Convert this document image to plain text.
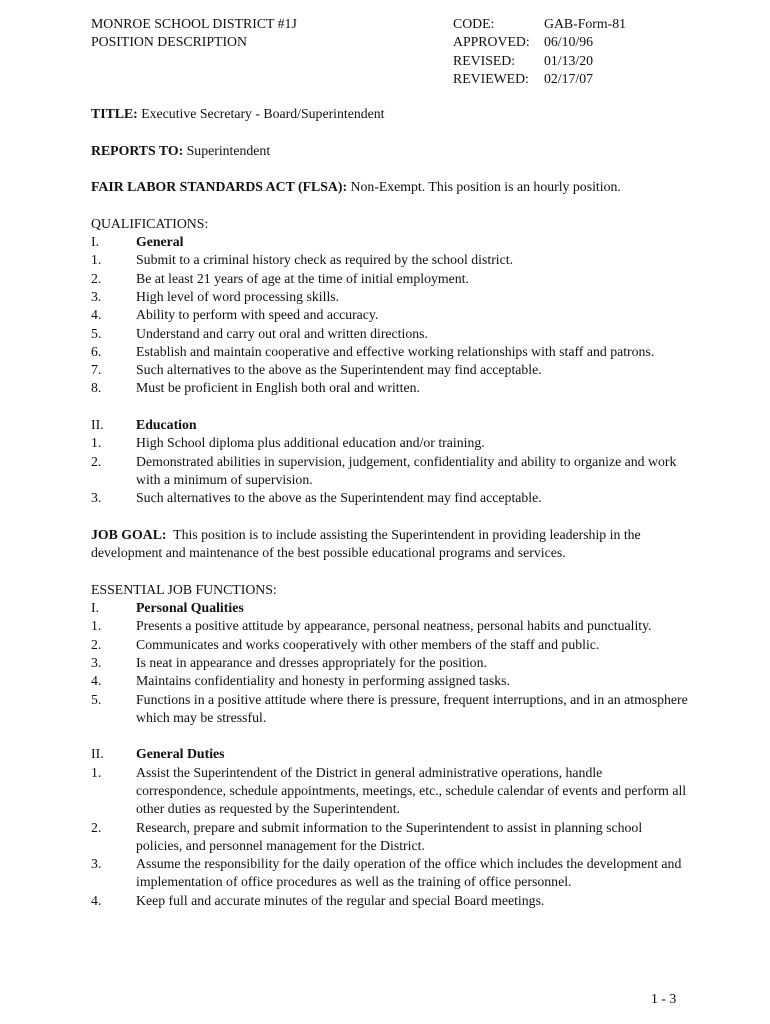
MONROE SCHOOL DISTRICT #1J
POSITION DESCRIPTION
CODE:	GAB-Form-81
APPROVED: 06/10/96
REVISED: 01/13/20
REVIEWED: 02/17/07
TITLE: Executive Secretary - Board/Superintendent
REPORTS TO: Superintendent
FAIR LABOR STANDARDS ACT (FLSA): Non-Exempt. This position is an hourly position.
QUALIFICATIONS:
I.	General
1.	Submit to a criminal history check as required by the school district.
2.	Be at least 21 years of age at the time of initial employment.
3.	High level of word processing skills.
4.	Ability to perform with speed and accuracy.
5.	Understand and carry out oral and written directions.
6.	Establish and maintain cooperative and effective working relationships with staff and patrons.
7.	Such alternatives to the above as the Superintendent may find acceptable.
8.	Must be proficient in English both oral and written.
II.	Education
1.	High School diploma plus additional education and/or training.
2.	Demonstrated abilities in supervision, judgement, confidentiality and ability to organize and work with a minimum of supervision.
3.	Such alternatives to the above as the Superintendent may find acceptable.
JOB GOAL: This position is to include assisting the Superintendent in providing leadership in the development and maintenance of the best possible educational programs and services.
ESSENTIAL JOB FUNCTIONS:
I.	Personal Qualities
1.	Presents a positive attitude by appearance, personal neatness, personal habits and punctuality.
2.	Communicates and works cooperatively with other members of the staff and public.
3.	Is neat in appearance and dresses appropriately for the position.
4.	Maintains confidentiality and honesty in performing assigned tasks.
5.	Functions in a positive attitude where there is pressure, frequent interruptions, and in an atmosphere which may be stressful.
II.	General Duties
1.	Assist the Superintendent of the District in general administrative operations, handle correspondence, schedule appointments, meetings, etc., schedule calendar of events and perform all other duties as requested by the Superintendent.
2.	Research, prepare and submit information to the Superintendent to assist in planning school policies, and personnel management for the District.
3.	Assume the responsibility for the daily operation of the office which includes the development and implementation of office procedures as well as the training of office personnel.
4.	Keep full and accurate minutes of the regular and special Board meetings.
1 - 3
